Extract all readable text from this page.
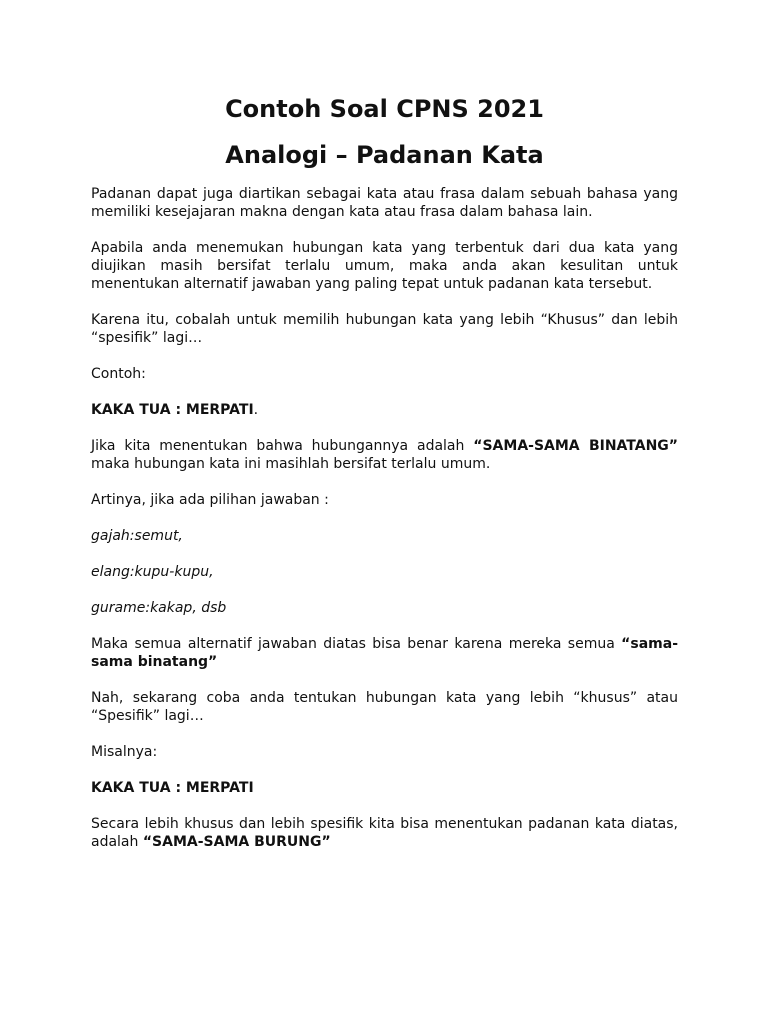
Contoh Soal CPNS 2021
Analogi – Padanan Kata

Padanan dapat juga diartikan sebagai kata atau frasa dalam sebuah bahasa yang memiliki kesejajaran makna dengan kata atau frasa dalam bahasa lain.

Apabila anda menemukan hubungan kata yang terbentuk dari dua kata yang diujikan masih bersifat terlalu umum, maka anda akan kesulitan untuk menentukan alternatif jawaban yang paling tepat untuk padanan kata tersebut.

Karena itu, cobalah untuk memilih hubungan kata yang lebih “Khusus” dan lebih “spesifik” lagi…

Contoh:

KAKA TUA : MERPATI.

Jika kita menentukan bahwa hubungannya adalah “SAMA-SAMA BINATANG” maka hubungan kata ini masihlah bersifat terlalu umum.

Artinya, jika ada pilihan jawaban :

gajah:semut,

elang:kupu-kupu,

gurame:kakap, dsb

Maka semua alternatif jawaban diatas bisa benar karena mereka semua “sama-sama binatang”

Nah, sekarang coba anda tentukan hubungan kata yang lebih “khusus” atau “Spesifik” lagi…

Misalnya:

KAKA TUA : MERPATI

Secara lebih khusus dan lebih spesifik kita bisa menentukan padanan kata diatas, adalah “SAMA-SAMA BURUNG”
